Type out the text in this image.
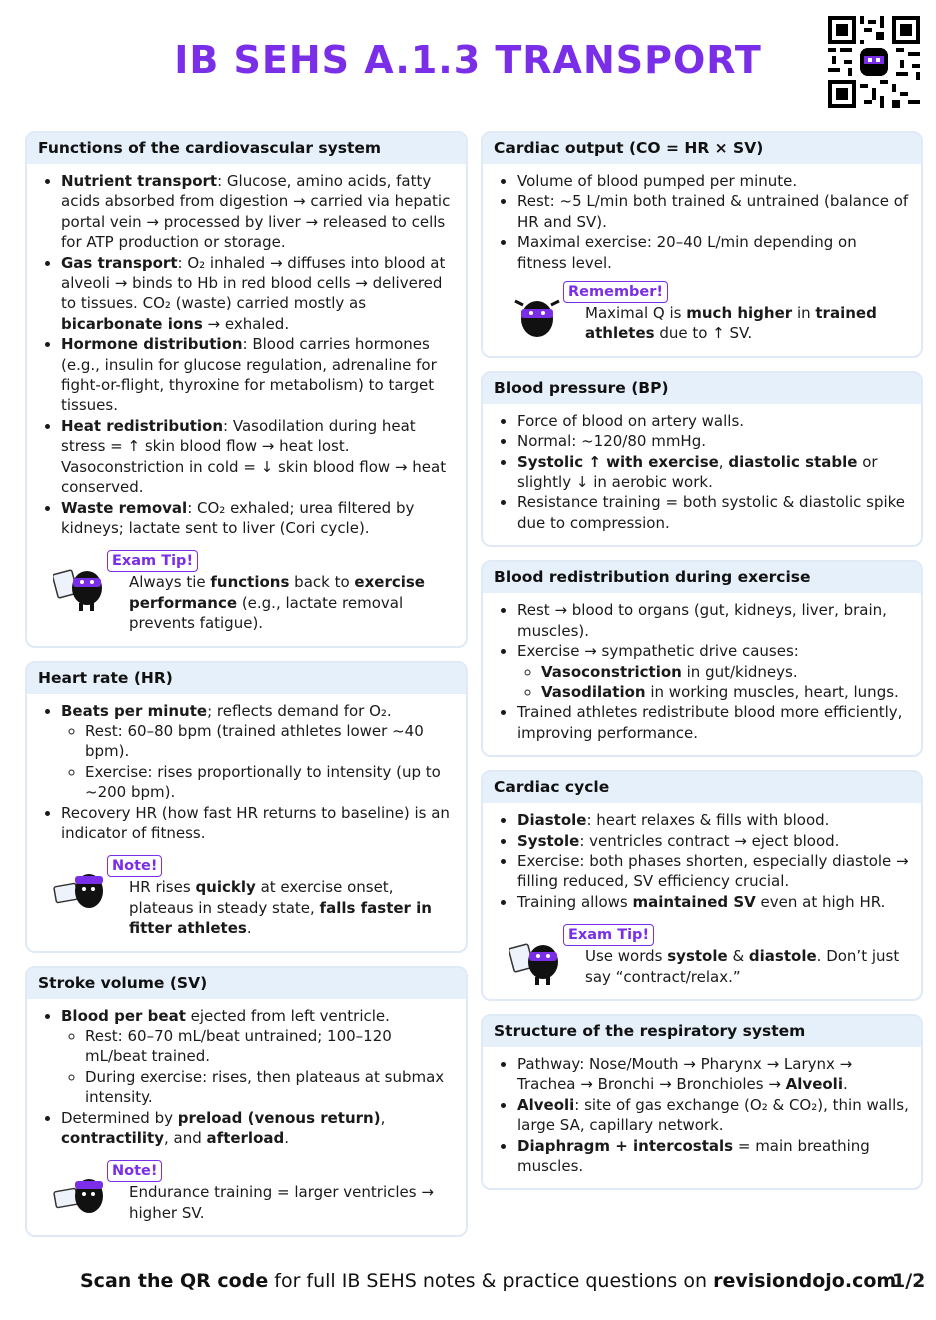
IB SEHS A.1.3 TRANSPORT
Functions of the cardiovascular system
• Nutrient transport: Glucose, amino acids, fatty acids absorbed from digestion → carried via hepatic portal vein → processed by liver → released to cells for ATP production or storage.
• Gas transport: O₂ inhaled → diffuses into blood at alveoli → binds to Hb in red blood cells → delivered to tissues. CO₂ (waste) carried mostly as bicarbonate ions → exhaled.
• Hormone distribution: Blood carries hormones (e.g., insulin for glucose regulation, adrenaline for fight-or-flight, thyroxine for metabolism) to target tissues.
• Heat redistribution: Vasodilation during heat stress = ↑ skin blood flow → heat lost. Vasoconstriction in cold = ↓ skin blood flow → heat conserved.
• Waste removal: CO₂ exhaled; urea filtered by kidneys; lactate sent to liver (Cori cycle).
Exam Tip!
Always tie functions back to exercise performance (e.g., lactate removal prevents fatigue).
Heart rate (HR)
• Beats per minute; reflects demand for O₂.
◦ Rest: 60–80 bpm (trained athletes lower ~40 bpm).
◦ Exercise: rises proportionally to intensity (up to ~200 bpm).
• Recovery HR (how fast HR returns to baseline) is an indicator of fitness.
Note!
HR rises quickly at exercise onset, plateaus in steady state, falls faster in fitter athletes.
Stroke volume (SV)
• Blood per beat ejected from left ventricle.
◦ Rest: 60–70 mL/beat untrained; 100–120 mL/beat trained.
◦ During exercise: rises, then plateaus at submax intensity.
• Determined by preload (venous return), contractility, and afterload.
Note!
Endurance training = larger ventricles → higher SV.
Cardiac output (CO = HR × SV)
• Volume of blood pumped per minute.
• Rest: ~5 L/min both trained & untrained (balance of HR and SV).
• Maximal exercise: 20–40 L/min depending on fitness level.
Remember!
Maximal Q is much higher in trained athletes due to ↑ SV.
Blood pressure (BP)
• Force of blood on artery walls.
• Normal: ~120/80 mmHg.
• Systolic ↑ with exercise, diastolic stable or slightly ↓ in aerobic work.
• Resistance training = both systolic & diastolic spike due to compression.
Blood redistribution during exercise
• Rest → blood to organs (gut, kidneys, liver, brain, muscles).
• Exercise → sympathetic drive causes:
◦ Vasoconstriction in gut/kidneys.
◦ Vasodilation in working muscles, heart, lungs.
• Trained athletes redistribute blood more efficiently, improving performance.
Cardiac cycle
• Diastole: heart relaxes & fills with blood.
• Systole: ventricles contract → eject blood.
• Exercise: both phases shorten, especially diastole → filling reduced, SV efficiency crucial.
• Training allows maintained SV even at high HR.
Exam Tip!
Use words systole & diastole. Don’t just say “contract/relax.”
Structure of the respiratory system
• Pathway: Nose/Mouth → Pharynx → Larynx → Trachea → Bronchi → Bronchioles → Alveoli.
• Alveoli: site of gas exchange (O₂ & CO₂), thin walls, large SA, capillary network.
• Diaphragm + intercostals = main breathing muscles.
Scan the QR code for full IB SEHS notes & practice questions on revisiondojo.com
1/2
